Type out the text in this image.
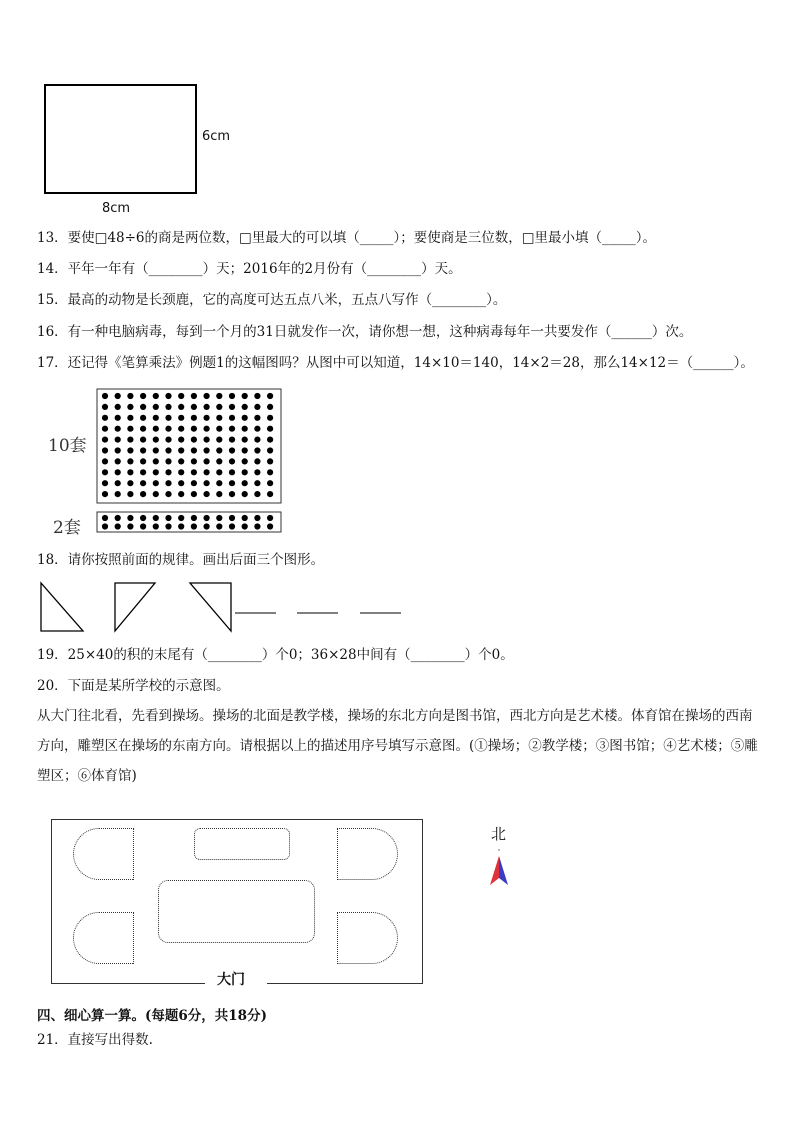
6cm
8cm
13．要使□48÷6的商是两位数，□里最大的可以填（_____）；要使商是三位数，□里最小填（_____）。
14．平年一年有（________）天；2016年的2月份有（________）天。
15．最高的动物是长颈鹿，它的高度可达五点八米，五点八写作（________）。
16．有一种电脑病毒，每到一个月的31日就发作一次，请你想一想，这种病毒每年一共要发作（______）次。
17．还记得《笔算乘法》例题1的这幅图吗？从图中可以知道，14×10＝140，14×2＝28，那么14×12＝（______）。
10套
2套
18．请你按照前面的规律。画出后面三个图形。
19．25×40的积的末尾有（________）个0；36×28中间有（________）个0。
20．下面是某所学校的示意图。
从大门往北看，先看到操场。操场的北面是教学楼，操场的东北方向是图书馆，西北方向是艺术楼。体育馆在操场的西南方向，雕塑区在操场的东南方向。请根据以上的描述用序号填写示意图。(①操场；②教学楼；③图书馆；④艺术楼；⑤雕塑区；⑥体育馆)
大门
北
四、细心算一算。(每题6分，共18分)
21．直接写出得数.
